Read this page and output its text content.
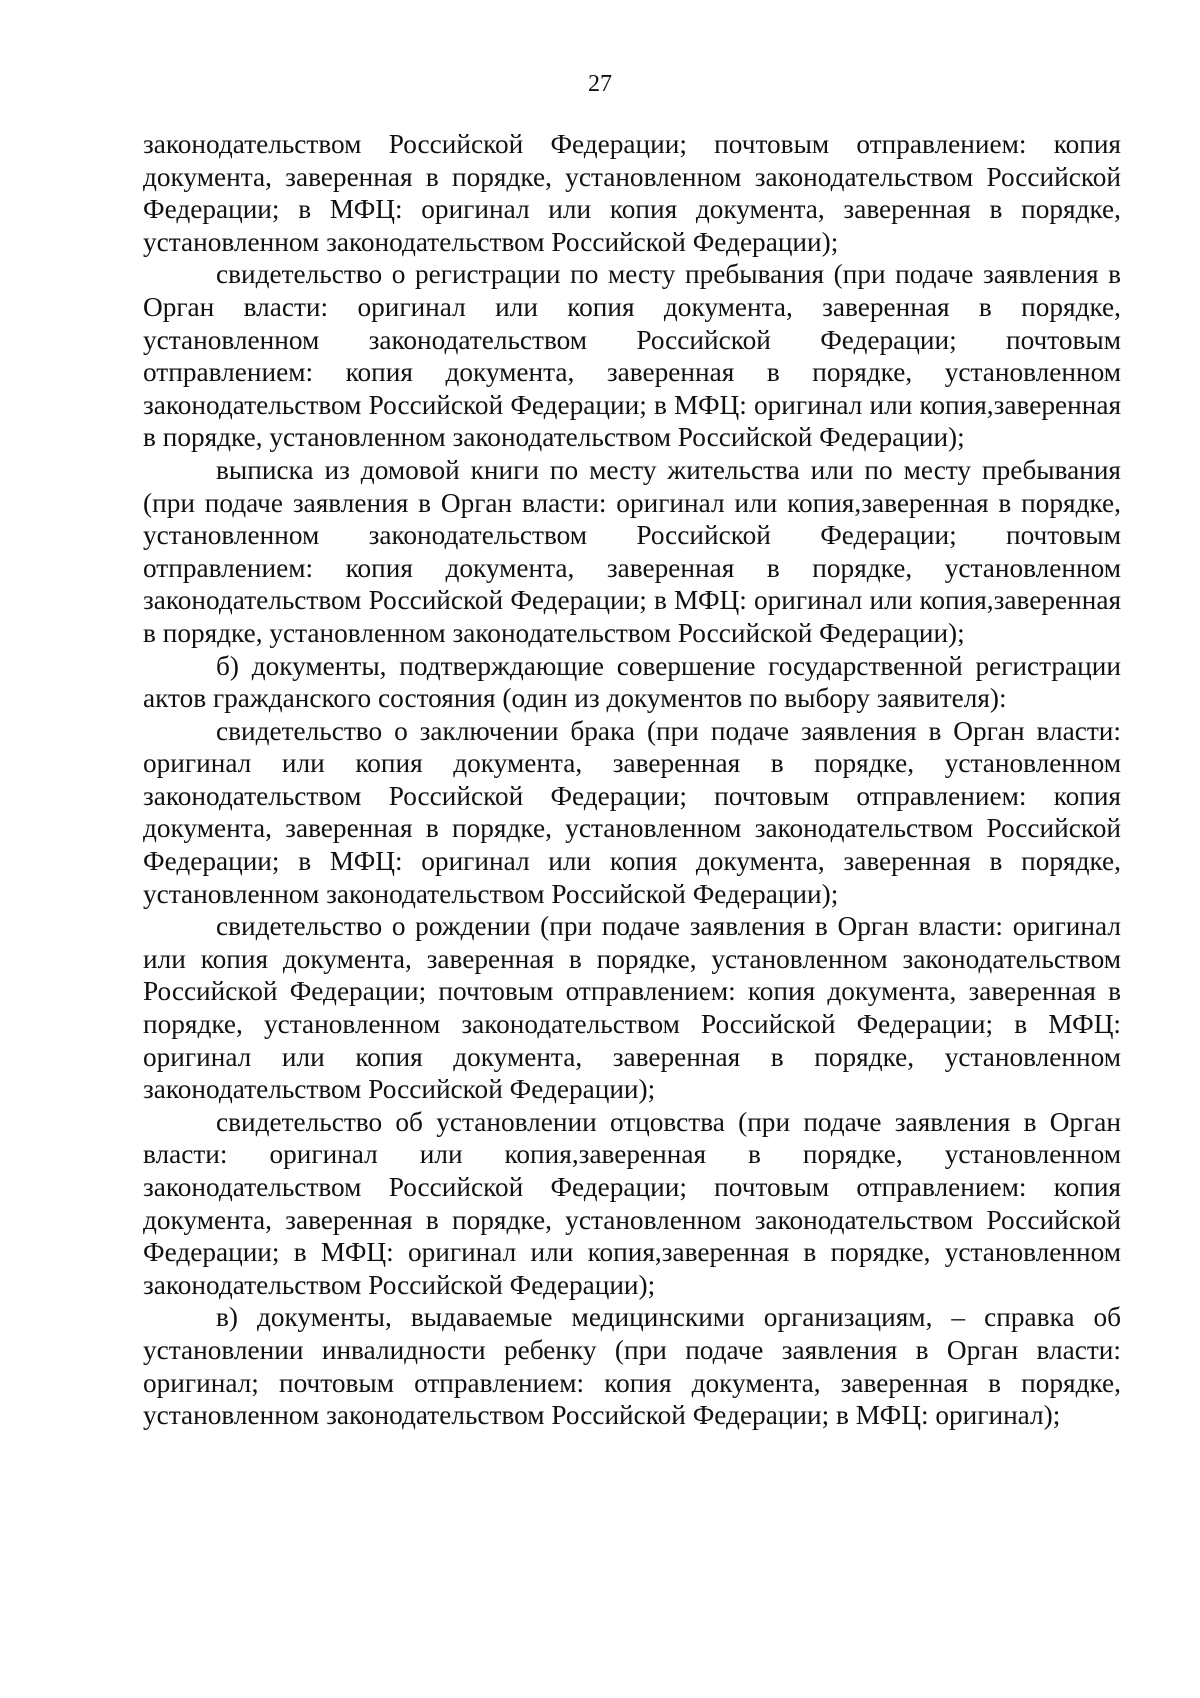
27

законодательством Российской Федерации; почтовым отправлением: копия документа, заверенная в порядке, установленном законодательством Российской Федерации; в МФЦ: оригинал или копия документа, заверенная в порядке, установленном законодательством Российской Федерации);

свидетельство о регистрации по месту пребывания (при подаче заявления в Орган власти: оригинал или копия документа, заверенная в порядке, установленном законодательством Российской Федерации; почтовым отправлением: копия документа, заверенная в порядке, установленном законодательством Российской Федерации; в МФЦ: оригинал или копия,заверенная в порядке, установленном законодательством Российской Федерации);

выписка из домовой книги по месту жительства или по месту пребывания (при подаче заявления в Орган власти: оригинал или копия,заверенная в порядке, установленном законодательством Российской Федерации; почтовым отправлением: копия документа, заверенная в порядке, установленном законодательством Российской Федерации; в МФЦ: оригинал или копия,заверенная в порядке, установленном законодательством Российской Федерации);

б) документы, подтверждающие совершение государственной регистрации актов гражданского состояния (один из документов по выбору заявителя):

свидетельство о заключении брака (при подаче заявления в Орган власти: оригинал или копия документа, заверенная в порядке, установленном законодательством Российской Федерации; почтовым отправлением: копия документа, заверенная в порядке, установленном законодательством Российской Федерации; в МФЦ: оригинал или копия документа, заверенная в порядке, установленном законодательством Российской Федерации);

свидетельство о рождении (при подаче заявления в Орган власти: оригинал или копия документа, заверенная в порядке, установленном законодательством Российской Федерации; почтовым отправлением: копия документа, заверенная в порядке, установленном законодательством Российской Федерации; в МФЦ: оригинал или копия документа, заверенная в порядке, установленном законодательством Российской Федерации);

свидетельство об установлении отцовства (при подаче заявления в Орган власти: оригинал или копия,заверенная в порядке, установленном законодательством Российской Федерации; почтовым отправлением: копия документа, заверенная в порядке, установленном законодательством Российской Федерации; в МФЦ: оригинал или копия,заверенная в порядке, установленном законодательством Российской Федерации);

в) документы, выдаваемые медицинскими организациям, – справка об установлении инвалидности ребенку (при подаче заявления в Орган власти: оригинал; почтовым отправлением: копия документа, заверенная в порядке, установленном законодательством Российской Федерации; в МФЦ: оригинал);
